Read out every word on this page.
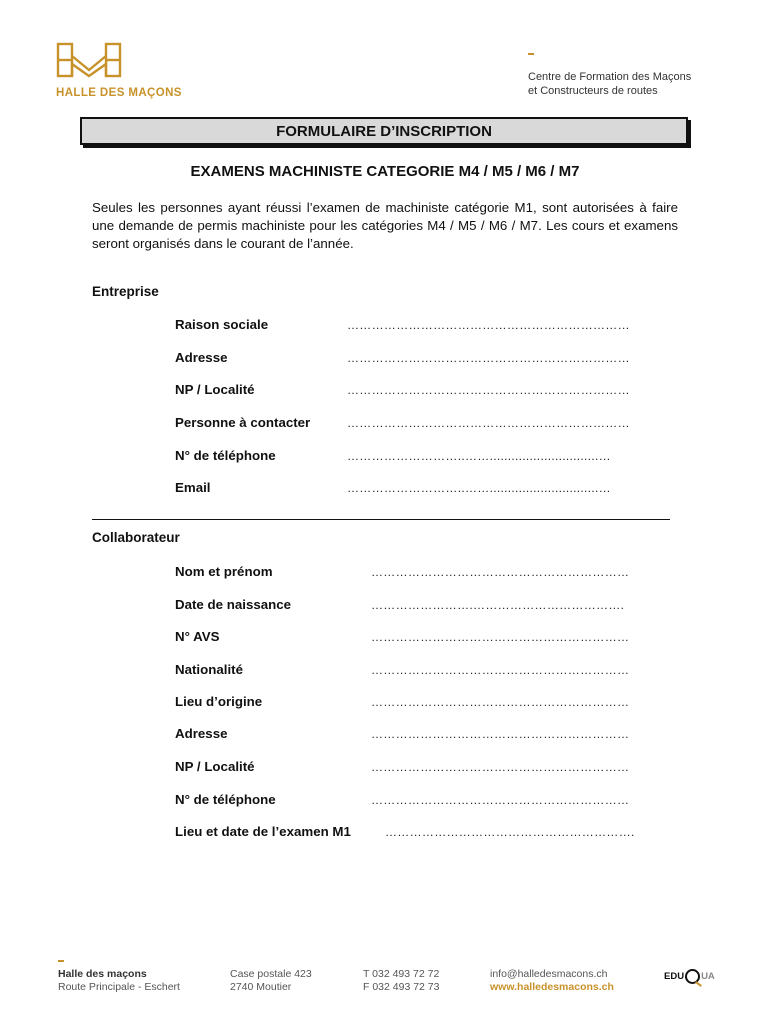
HALLE DES MAÇONS
Centre de Formation des Maçons
et Constructeurs de routes
FORMULAIRE D’INSCRIPTION
EXAMENS MACHINISTE CATEGORIE M4 / M5 / M6 / M7
Seules les personnes ayant réussi l’examen de machiniste catégorie M1, sont autorisées à faire une demande de permis machiniste pour les catégories M4 / M5 / M6 / M7. Les cours et examens seront organisés dans le courant de l’année.
Entreprise
Raison sociale	……………………………………………………………
Adresse	……………………………………………………………
NP / Localité	……………………………………………………………
Personne à contacter	……………………………………………………………
N° de téléphone	………………………..……..............................…
Email	………………………..……..............................…
Collaborateur
Nom et prénom	………………………………………………………
Date de naissance	…………………….……………………………….
N° AVS	………………………………………………………
Nationalité	………………………………………………………
Lieu d’origine	………………………………………………………
Adresse	………………………………………………………
NP / Localité	………………………………………………………
N° de téléphone	………………………………………………………
Lieu et date de l’examen M1	…………………………………………………….
Halle des maçons
Route Principale - Eschert
Case postale 423
2740 Moutier
T 032 493 72 72
F 032 493 72 73
info@halledesmacons.ch
www.halledesmacons.ch
EDU UA
